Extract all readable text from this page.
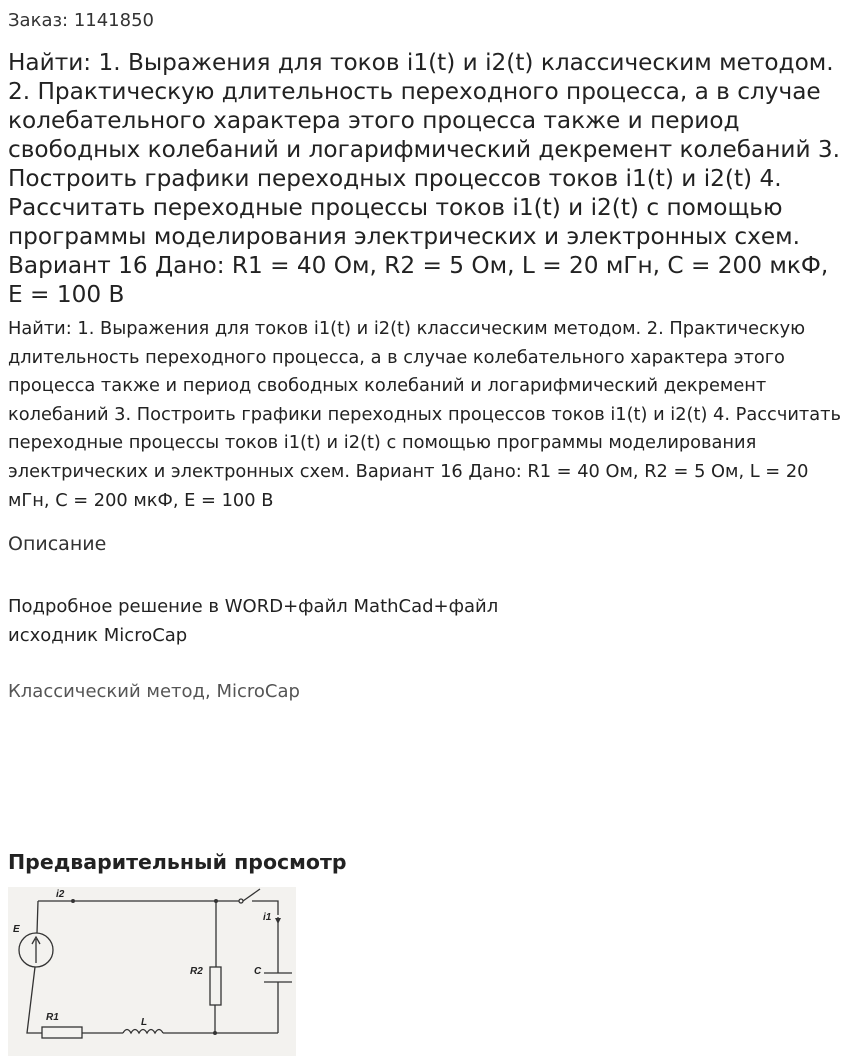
Заказ: 1141850
Найти: 1. Выражения для токов i1(t) и i2(t) классическим методом. 2. Практическую длительность переходного процесса, а в случае колебательного характера этого процесса также и период свободных колебаний и логарифмический декремент колебаний 3. Построить графики переходных процессов токов i1(t) и i2(t) 4. Рассчитать переходные процессы токов i1(t) и i2(t) с помощью программы моделирования электрических и электронных схем. Вариант 16 Дано: R1 = 40 Ом, R2 = 5 Ом, L = 20 мГн, C = 200 мкФ, E = 100 В

Найти: 1. Выражения для токов i1(t) и i2(t) классическим методом. 2. Практическую длительность переходного процесса, а в случае колебательного характера этого процесса также и период свободных колебаний и логарифмический декремент колебаний 3. Построить графики переходных процессов токов i1(t) и i2(t) 4. Рассчитать переходные процессы токов i1(t) и i2(t) с помощью программы моделирования электрических и электронных схем. Вариант 16 Дано: R1 = 40 Ом, R2 = 5 Ом, L = 20 мГн, C = 200 мкФ, E = 100 В

Описание

Подробное решение в WORD+файл MathCad+файл
исходник MicroCap

Классический метод, MicroCap
Предварительный просмотр
E
i2
i1
R2	C
R1	L
